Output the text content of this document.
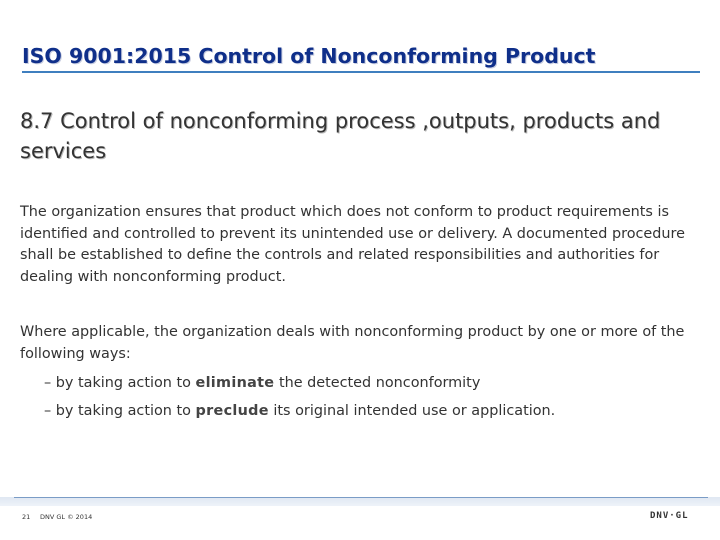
ISO 9001:2015 Control of Nonconforming Product
8.7 Control of nonconforming process ,outputs, products and services
The organization ensures that product which does not conform to product requirements is identified and controlled to prevent its unintended use or delivery. A documented procedure shall be established to define the controls and related responsibilities and authorities for dealing with nonconforming product.
Where applicable, the organization deals with nonconforming product by one or more of the following ways:
– by taking action to eliminate the detected nonconformity
– by taking action to preclude its original intended use or application.
21 DNV GL © 2014	DNV·GL
